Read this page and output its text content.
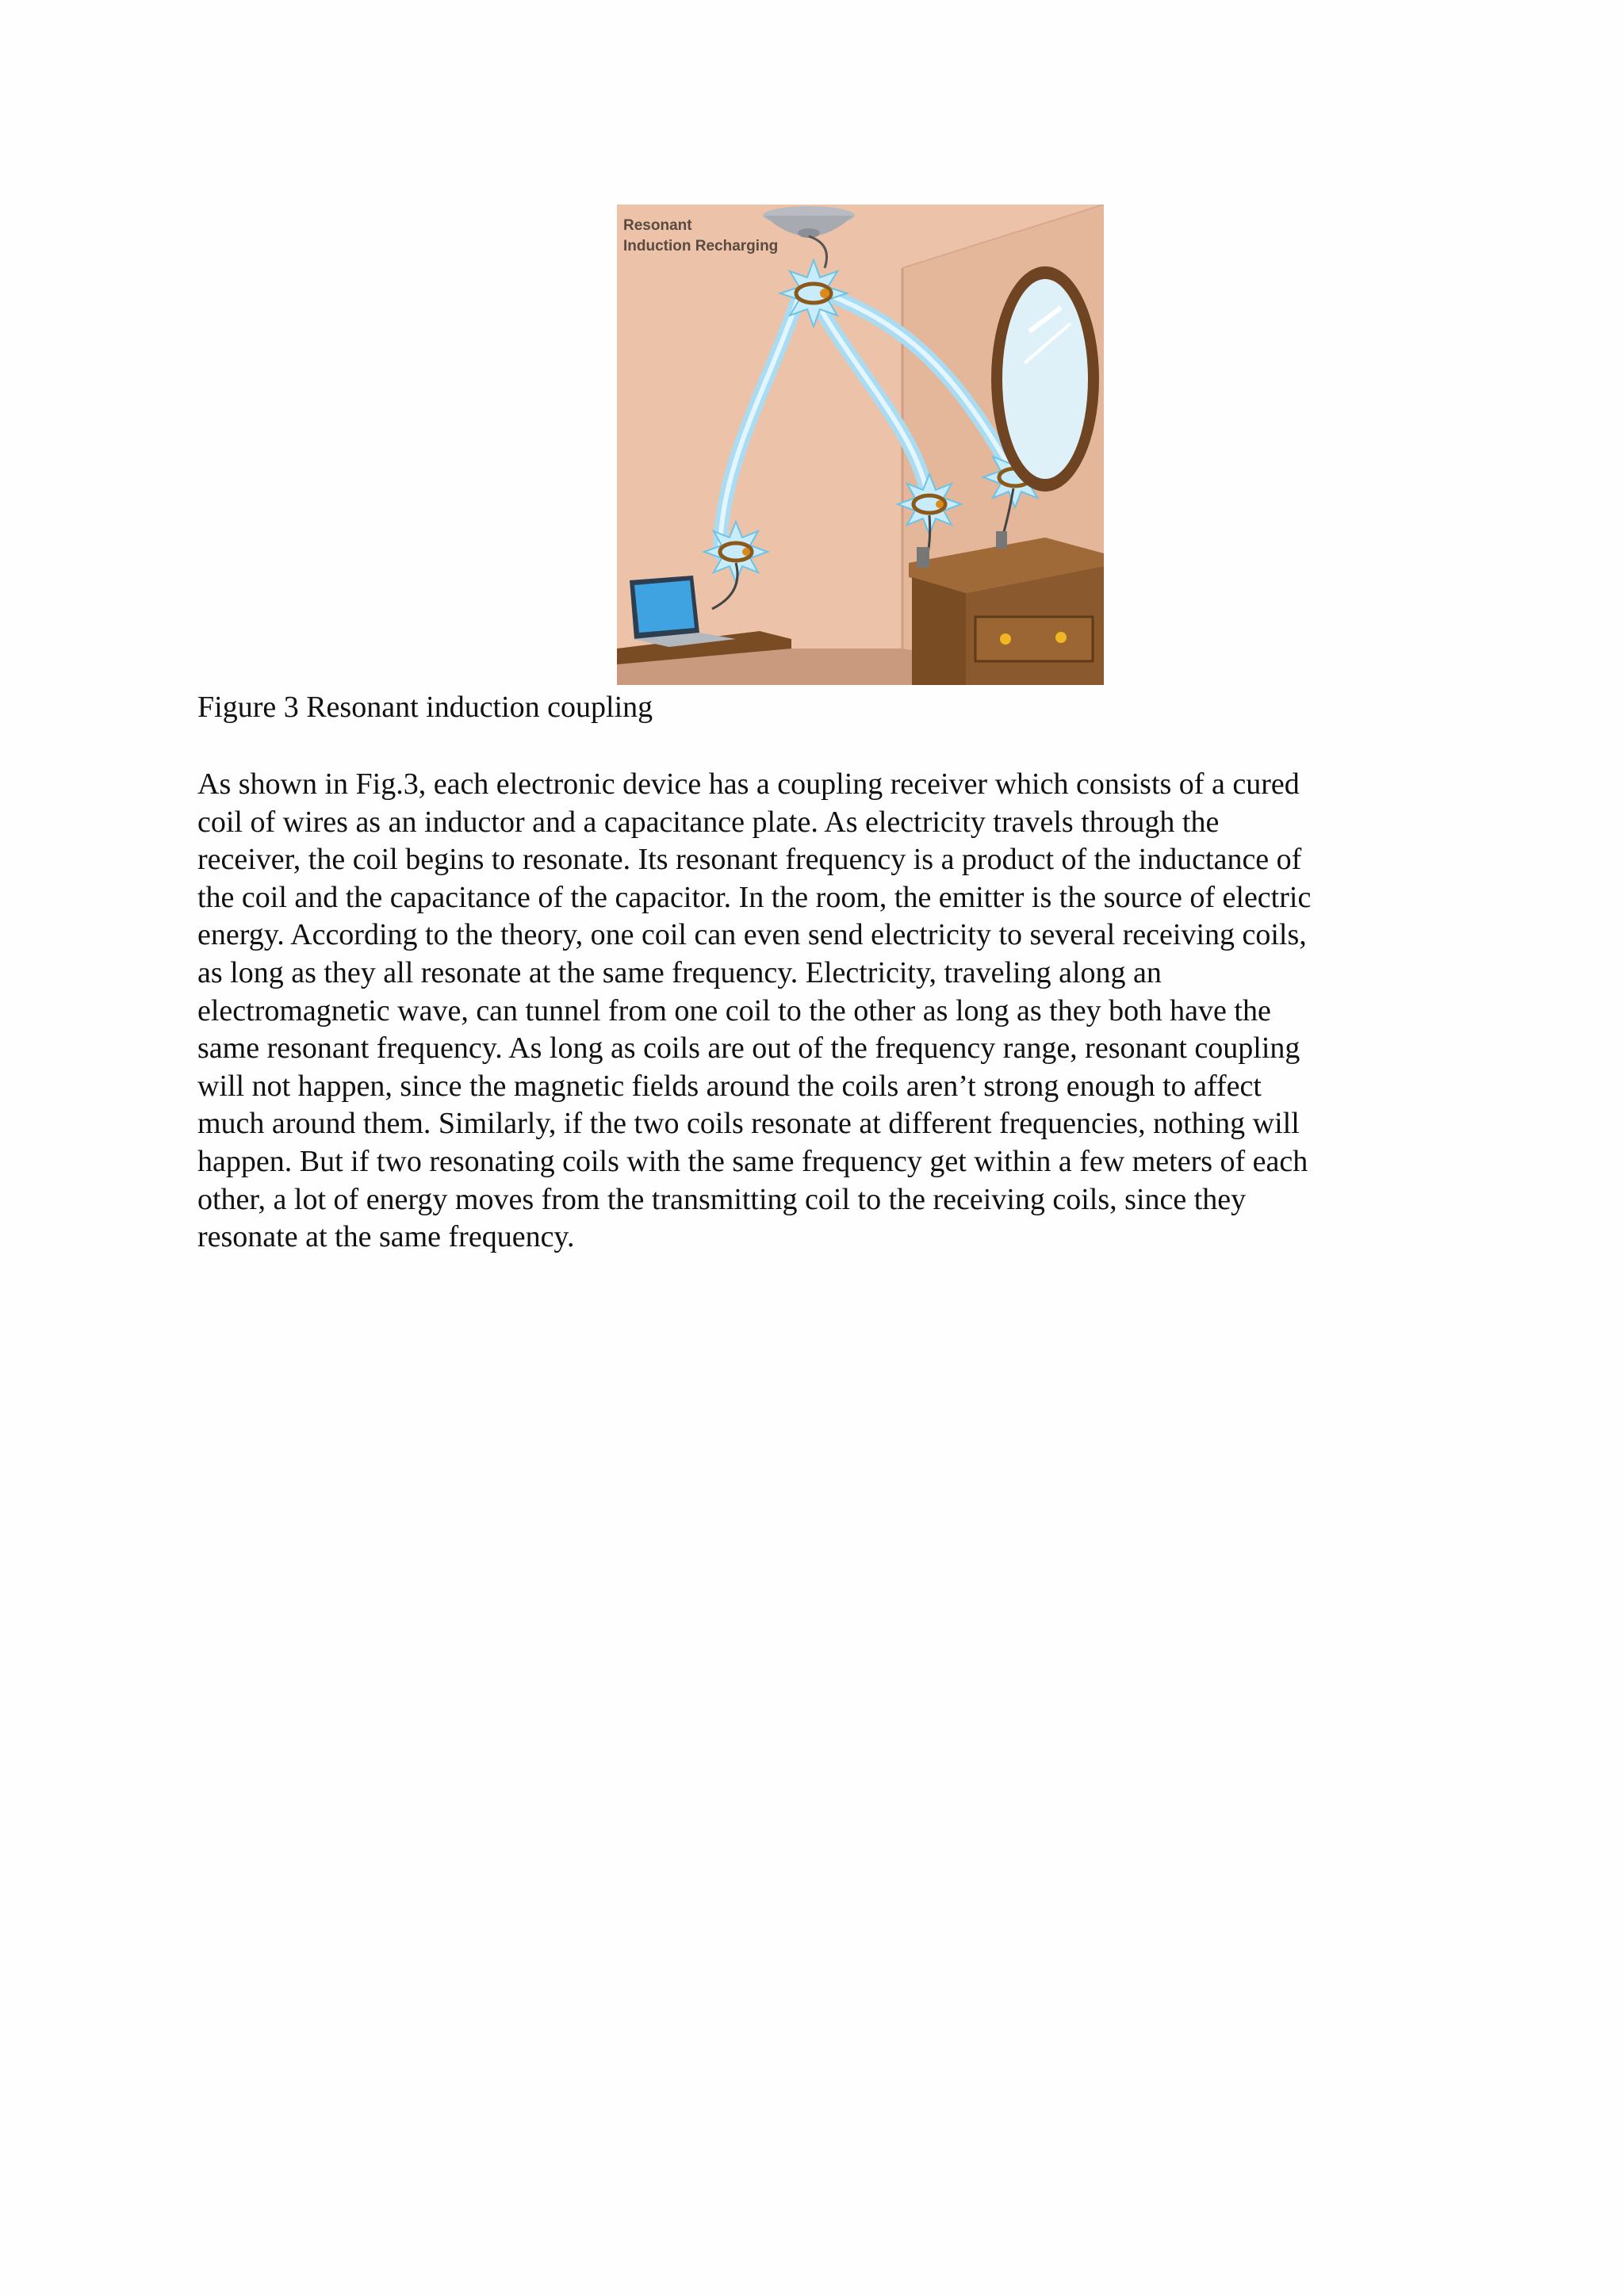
Resonant
Induction Recharging
Figure 3 Resonant induction coupling
As shown in Fig.3, each electronic device has a coupling receiver which consists of a cured
coil of wires as an inductor and a capacitance plate. As electricity travels through the
receiver, the coil begins to resonate. Its resonant frequency is a product of the inductance of
the coil and the capacitance of the capacitor. In the room, the emitter is the source of electric
energy. According to the theory, one coil can even send electricity to several receiving coils,
as long as they all resonate at the same frequency. Electricity, traveling along an
electromagnetic wave, can tunnel from one coil to the other as long as they both have the
same resonant frequency. As long as coils are out of the frequency range, resonant coupling
will not happen, since the magnetic fields around the coils aren’t strong enough to affect
much around them. Similarly, if the two coils resonate at different frequencies, nothing will
happen. But if two resonating coils with the same frequency get within a few meters of each
other, a lot of energy moves from the transmitting coil to the receiving coils, since they
resonate at the same frequency.
